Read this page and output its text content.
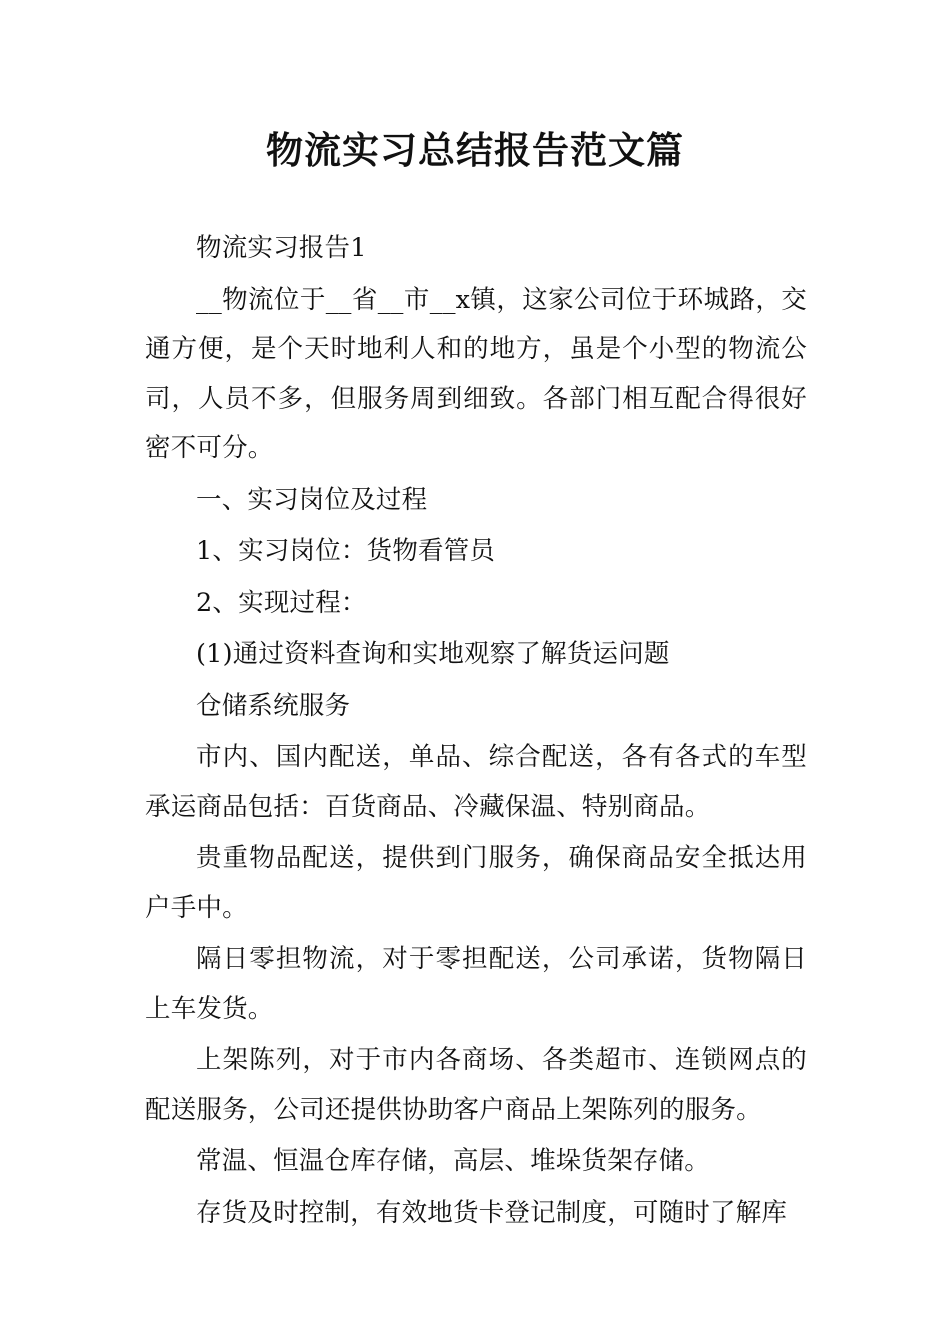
物流实习总结报告范文篇

物流实习报告1

__物流位于__省__市__x镇，这家公司位于环城路，交通方便，是个天时地利人和的地方，虽是个小型的物流公司，人员不多，但服务周到细致。各部门相互配合得很好密不可分。

一、实习岗位及过程

1、实习岗位：货物看管员

2、实现过程：

(1)通过资料查询和实地观察了解货运问题

仓储系统服务

市内、国内配送，单品、综合配送，各有各式的车型承运商品包括：百货商品、冷藏保温、特别商品。

贵重物品配送，提供到门服务，确保商品安全抵达用户手中。

隔日零担物流，对于零担配送，公司承诺，货物隔日上车发货。

上架陈列，对于市内各商场、各类超市、连锁网点的配送服务，公司还提供协助客户商品上架陈列的服务。

常温、恒温仓库存储，高层、堆垛货架存储。

存货及时控制，有效地货卡登记制度，可随时了解库
